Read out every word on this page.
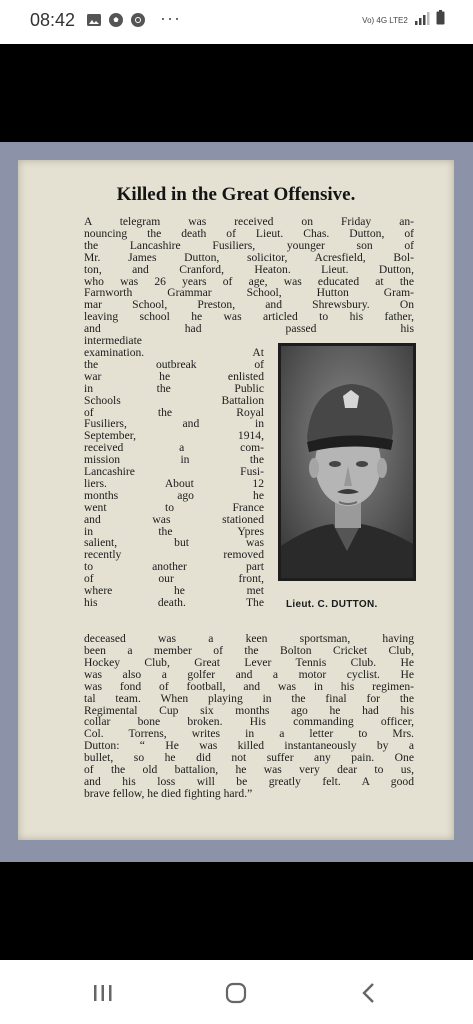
08:42	···	Vo) 4G LTE2
Killed in the Great Offensive.
A telegram was received on Friday an-
nouncing the death of Lieut. Chas. Dutton, of
the Lancashire Fusiliers, younger son of
Mr. James Dutton, solicitor, Acresfield, Bol-
ton, and Cranford, Heaton. Lieut. Dutton,
who was 26 years of age, was educated at the
Farnworth Grammar School, Hutton Gram-
mar School, Preston, and Shrewsbury. On
leaving school he was articled to his father,
and had passed his
Lieut. C. DUTTON.
intermediate
examination. At
the outbreak of
war he enlisted
in the Public
Schools Battalion
of the Royal
Fusiliers, and in
September, 1914,
received a com-
mission in the
Lancashire Fusi-
liers. About 12
months ago he
went to France
and was stationed
in the Ypres
salient, but was
recently removed
to another part
of our front,
where he met
his death. The
deceased was a keen sportsman, having
been a member of the Bolton Cricket Club,
Hockey Club, Great Lever Tennis Club. He
was also a golfer and a motor cyclist. He
was fond of football, and was in his regimen-
tal team. When playing in the final for the
Regimental Cup six months ago he had his
collar bone broken. His commanding officer,
Col. Torrens, writes in a letter to Mrs.
Dutton: “ He was killed instantaneously by a
bullet, so he did not suffer any pain. One
of the old battalion, he was very dear to us,
and his loss will be greatly felt. A good
brave fellow, he died fighting hard.”
